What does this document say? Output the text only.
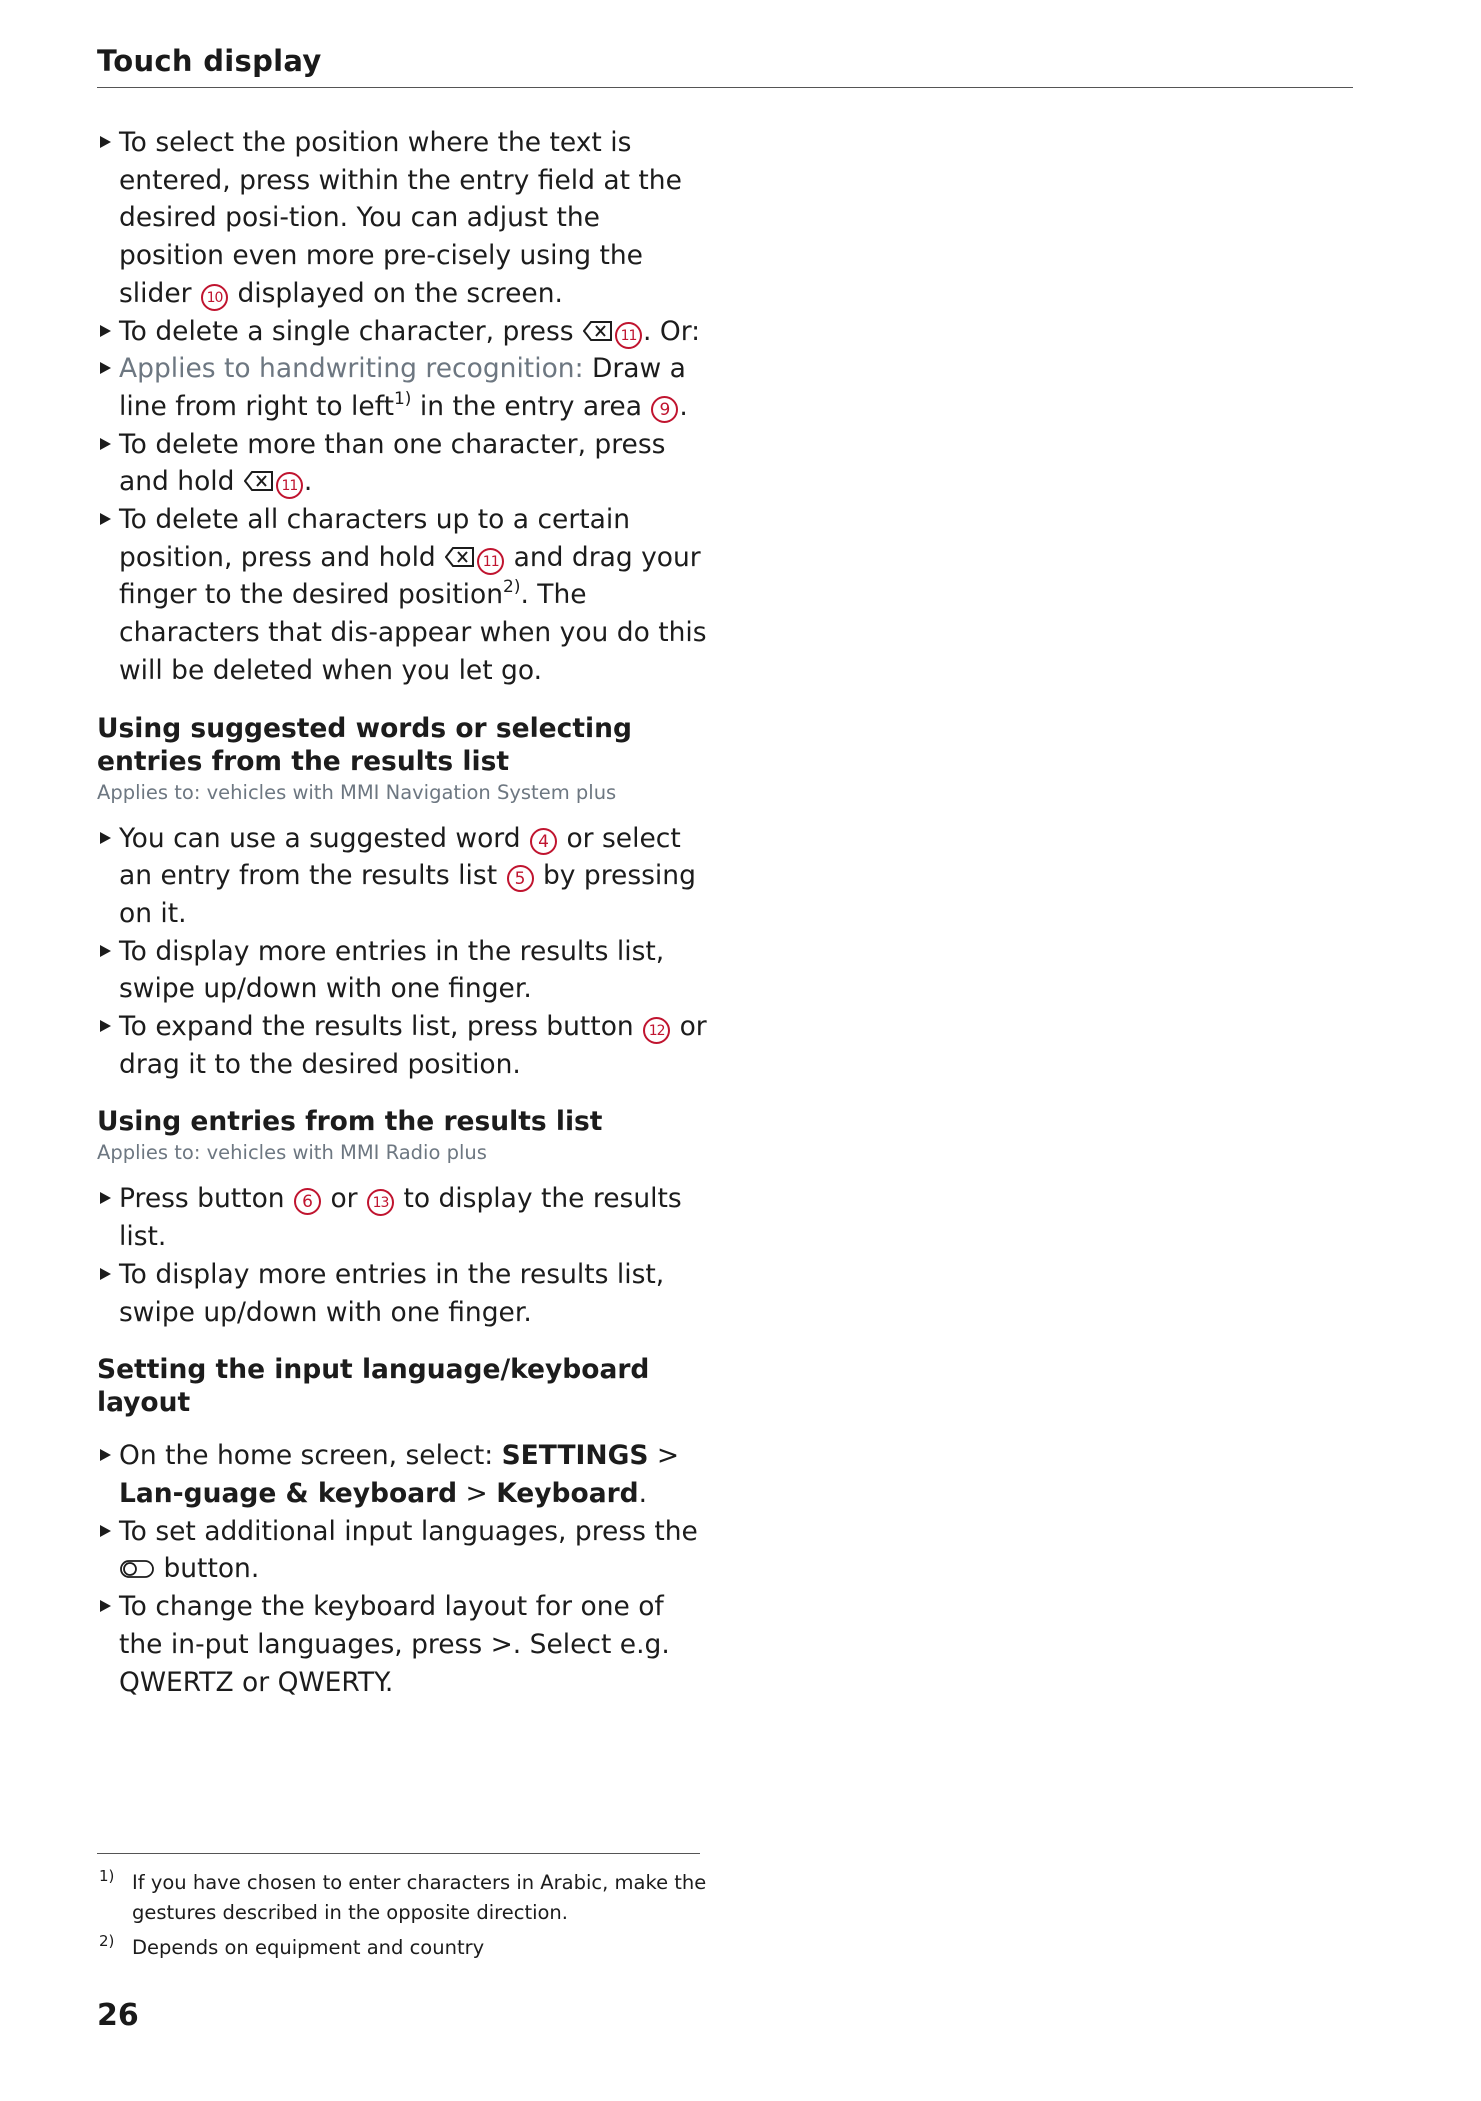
Touch display
To select the position where the text is entered, press within the entry field at the desired posi-tion. You can adjust the position even more pre-cisely using the slider 10 displayed on the screen.
To delete a single character, press	11 . Or:
Applies to handwriting recognition: Draw a line from right to left$^{1)}$ in the entry area 9 .
To delete more than one character, press and hold	11 .
To delete all characters up to a certain position, press and hold	11 and drag your finger to the desired position$^{2)}$. The characters that dis-appear when you do this will be deleted when you let go.
Using suggested words or selecting entries from the results list

Applies to: vehicles with MMI Navigation System plus

You can use a suggested word 4 or select an entry from the results list 5 by pressing on it.
To display more entries in the results list, swipe up/down with one finger.
To expand the results list, press button 12 or drag it to the desired position.
Using entries from the results list

Applies to: vehicles with MMI Radio plus

Press button 6 or 13 to display the results list.
To display more entries in the results list, swipe up/down with one finger.
Setting the input language/keyboard layout
On the home screen, select: SETTINGS > Lan-guage & keyboard > Keyboard.
To set additional input languages, press the  button.
To change the keyboard layout for one of the in-put languages, press >. Select e.g. QWERTZ or QWERTY.
1) If you have chosen to enter characters in Arabic, make the gestures described in the opposite direction.
2) Depends on equipment and country
26
